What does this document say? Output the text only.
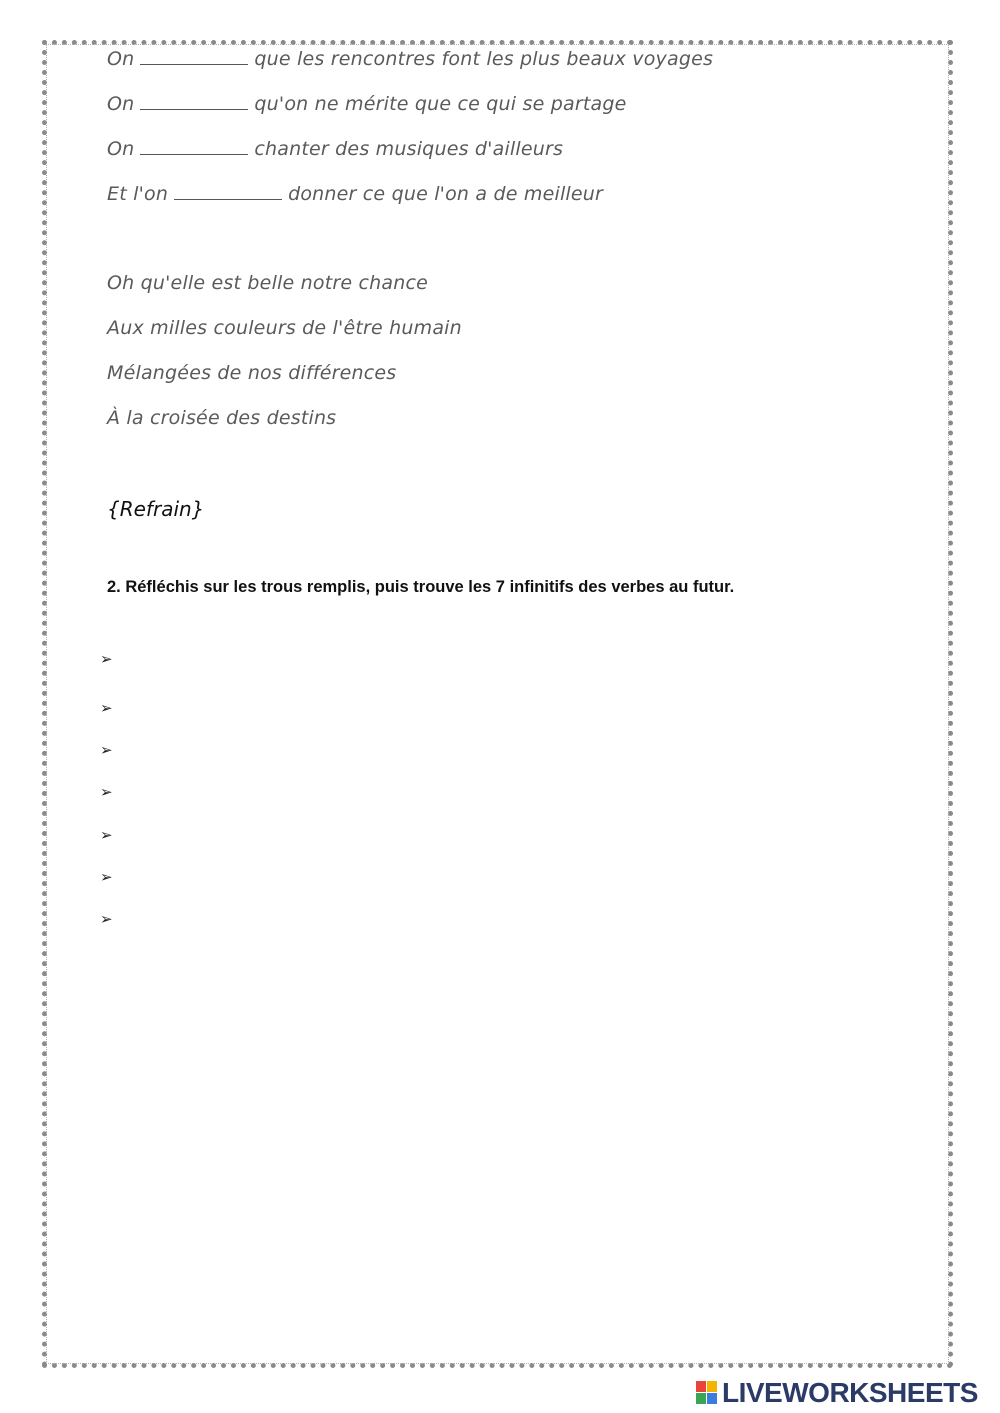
On	que les rencontres font les plus beaux voyages
On	qu'on ne mérite que ce qui se partage
On	chanter des musiques d'ailleurs
Et l'on	donner ce que l'on a de meilleur
Oh qu'elle est belle notre chance
Aux milles couleurs de l'être humain
Mélangées de nos différences
À la croisée des destins
{Refrain}
2. Réfléchis sur les trous remplis, puis trouve les 7 infinitifs des verbes au futur.
➢
➢
➢
➢
➢
➢
➢
LIVEWORKSHEETS
